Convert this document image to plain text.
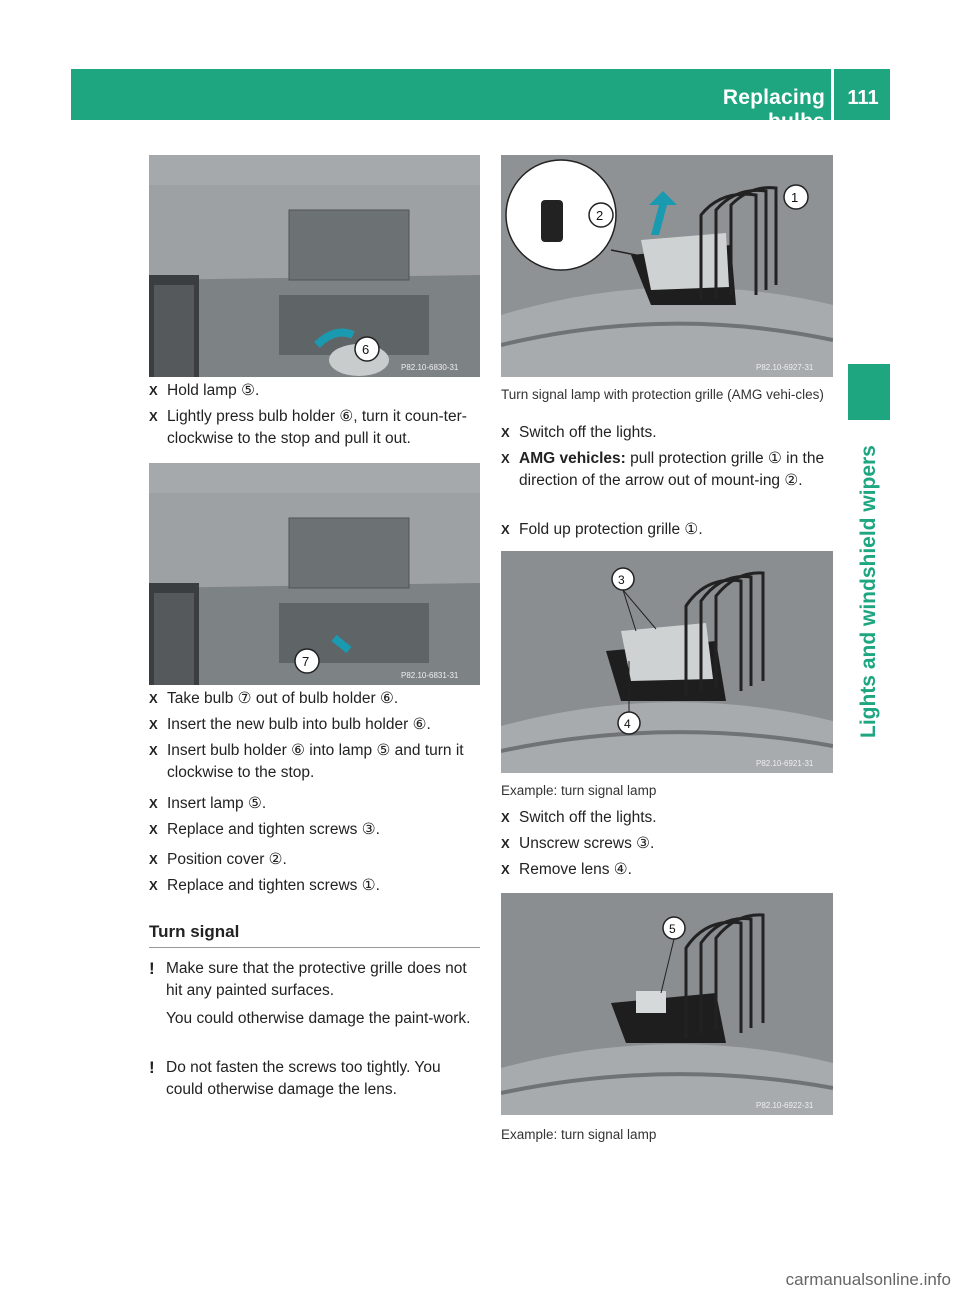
Replacing bulbs
111
Lights and windshield wipers
6
P82.10-6830-31
X Hold lamp ⑤.
X Lightly press bulb holder ⑥, turn it coun-ter-clockwise to the stop and pull it out.
7
P82.10-6831-31
X Take bulb ⑦ out of bulb holder ⑥.
X Insert the new bulb into bulb holder ⑥.
X Insert bulb holder ⑥ into lamp ⑤ and turn it clockwise to the stop.
X Insert lamp ⑤.
X Replace and tighten screws ③.
X Position cover ②.
X Replace and tighten screws ①.
Turn signal
! Make sure that the protective grille does not hit any painted surfaces.

You could otherwise damage the paint-work.

! Do not fasten the screws too tightly. You could otherwise damage the lens.

2
1
P82.10-6927-31
Turn signal lamp with protection grille (AMG vehi-cles)
X Switch off the lights.
X AMG vehicles: pull protection grille ① in the direction of the arrow out of mount-ing ②.
X Fold up protection grille ①.
3
4
P82.10-6921-31
Example: turn signal lamp
X Switch off the lights.
X Unscrew screws ③.
X Remove lens ④.
5
P82.10-6922-31
Example: turn signal lamp
carmanualsonline.info
